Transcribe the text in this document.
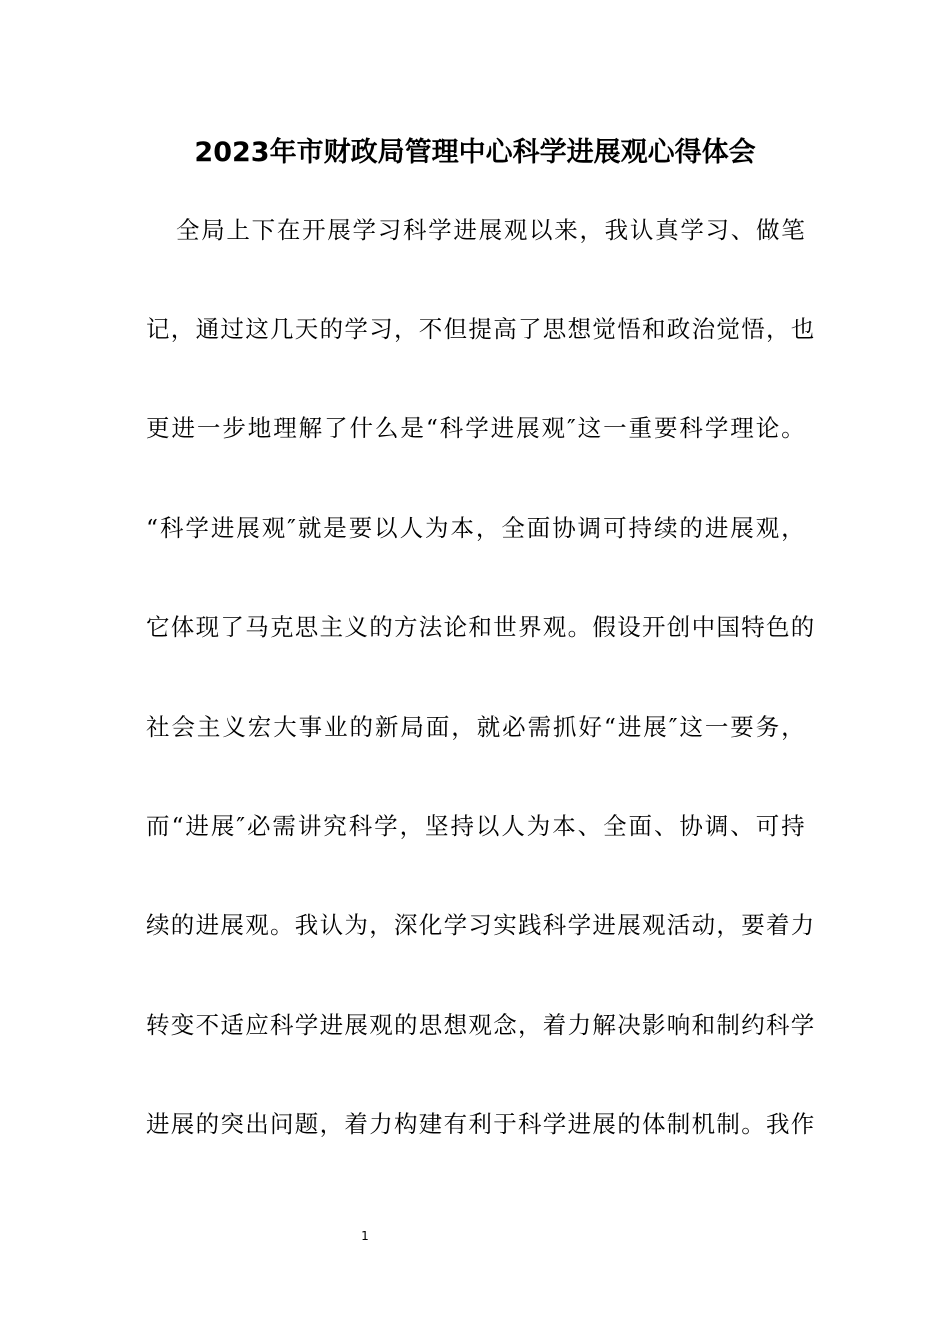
2023年市财政局管理中心科学进展观心得体会
全局上下在开展学习科学进展观以来，我认真学习、做笔
记，通过这几天的学习，不但提高了思想觉悟和政治觉悟，也
更进一步地理解了什么是“科学进展观″这一重要科学理论。
“科学进展观″就是要以人为本，全面协调可持续的进展观，
它体现了马克思主义的方法论和世界观。假设开创中国特色的
社会主义宏大事业的新局面，就必需抓好“进展″这一要务，
而“进展″必需讲究科学，坚持以人为本、全面、协调、可持
续的进展观。我认为，深化学习实践科学进展观活动，要着力
转变不适应科学进展观的思想观念，着力解决影响和制约科学
进展的突出问题，着力构建有利于科学进展的体制机制。我作
1
